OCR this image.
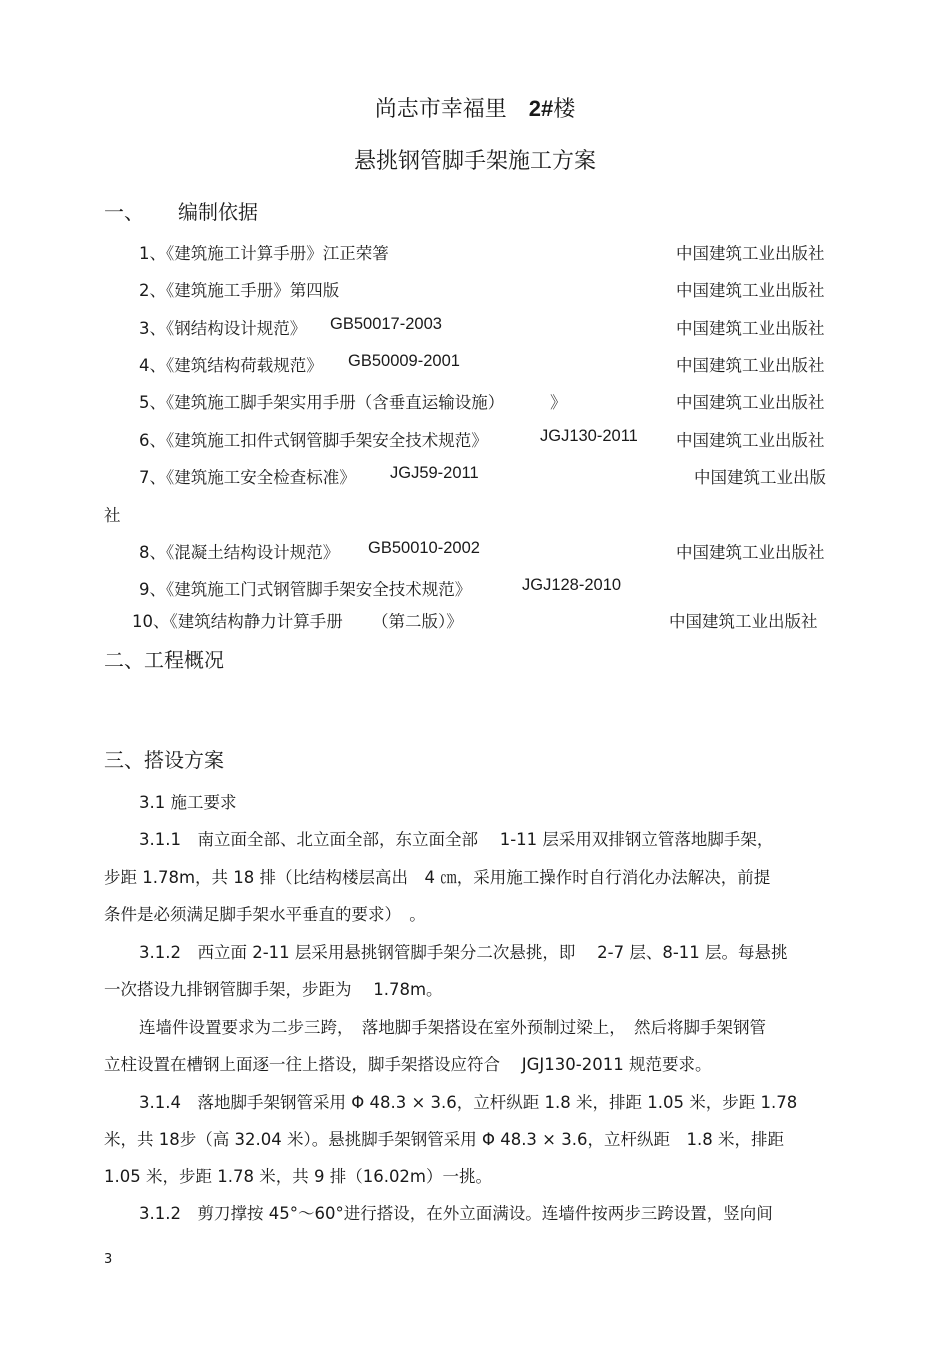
尚志市幸福里 2#楼
悬挑钢管脚手架施工方案
一、 编制依据
1、《建筑施工计算手册》江正荣箸	中国建筑工业出版社
2、《建筑施工手册》第四版	中国建筑工业出版社
3、《钢结构设计规范》 GB50017-2003	中国建筑工业出版社
4、《建筑结构荷载规范》 GB50009-2001	中国建筑工业出版社
5、《建筑施工脚手架实用手册（含垂直运输设施）	》	中国建筑工业出版社
6、《建筑施工扣件式钢管脚手架安全技术规范》	JGJ130-2011 中国建筑工业出版社
7、《建筑施工安全检查标准》 JGJ59-2011	中国建筑工业出版
社
8、《混凝土结构设计规范》 GB50010-2002	中国建筑工业出版社
9、《建筑施工门式钢管脚手架安全技术规范》	JGJ128-2010
10、《建筑结构静力计算手册 （第二版）》	中国建筑工业出版社
二、工程概况
三、搭设方案
3.1 施工要求
3.1.1　南立面全部、北立面全部，东立面全部　 1-11 层采用双排钢立管落地脚手架，
步距 1.78m，共 18 排（比结构楼层高出　4 ㎝，采用施工操作时自行消化办法解决，前提
条件是必须满足脚手架水平垂直的要求）　。
3.1.2　西立面 2-11 层采用悬挑钢管脚手架分二次悬挑，即　 2-7 层、8-11 层。每悬挑
一次搭设九排钢管脚手架，步距为　 1.78m。
连墙件设置要求为二步三跨，　落地脚手架搭设在室外预制过梁上，　然后将脚手架钢管
立柱设置在槽钢上面逐一往上搭设，脚手架搭设应符合　 JGJ130-2011 规范要求。
3.1.4　落地脚手架钢管采用 Φ 48.3 × 3.6，立杆纵距 1.8 米，排距 1.05 米，步距 1.78
米，共 18步（高 32.04 米）。悬挑脚手架钢管采用 Φ 48.3 × 3.6，立杆纵距　1.8 米，排距
1.05 米，步距 1.78 米，共 9 排（16.02m）一挑。
3.1.2　剪刀撑按 45°～60°进行搭设，在外立面满设。连墙件按两步三跨设置，竖向间
3
